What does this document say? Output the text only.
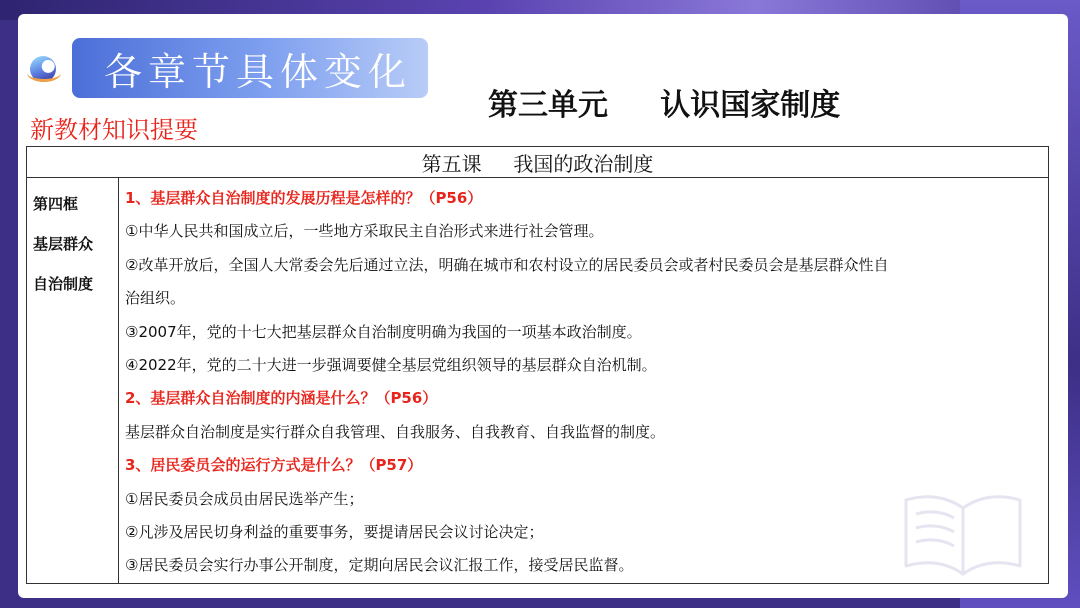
各章节具体变化
第三单元     认识国家制度
新教材知识提要
第五课     我国的政治制度

第四框
基层群众
自治制度

1、基层群众自治制度的发展历程是怎样的？（P56）
①中华人民共和国成立后，一些地方采取民主自治形式来进行社会管理。
②改革开放后，全国人大常委会先后通过立法，明确在城市和农村设立的居民委员会或者村民委员会是基层群众性自
治组织。
③2007年，党的十七大把基层群众自治制度明确为我国的一项基本政治制度。
④2022年，党的二十大进一步强调要健全基层党组织领导的基层群众自治机制。
2、基层群众自治制度的内涵是什么？（P56）
基层群众自治制度是实行群众自我管理、自我服务、自我教育、自我监督的制度。
3、居民委员会的运行方式是什么？（P57）
①居民委员会成员由居民选举产生；
②凡涉及居民切身利益的重要事务，要提请居民会议讨论决定；
③居民委员会实行办事公开制度，定期向居民会议汇报工作，接受居民监督。
